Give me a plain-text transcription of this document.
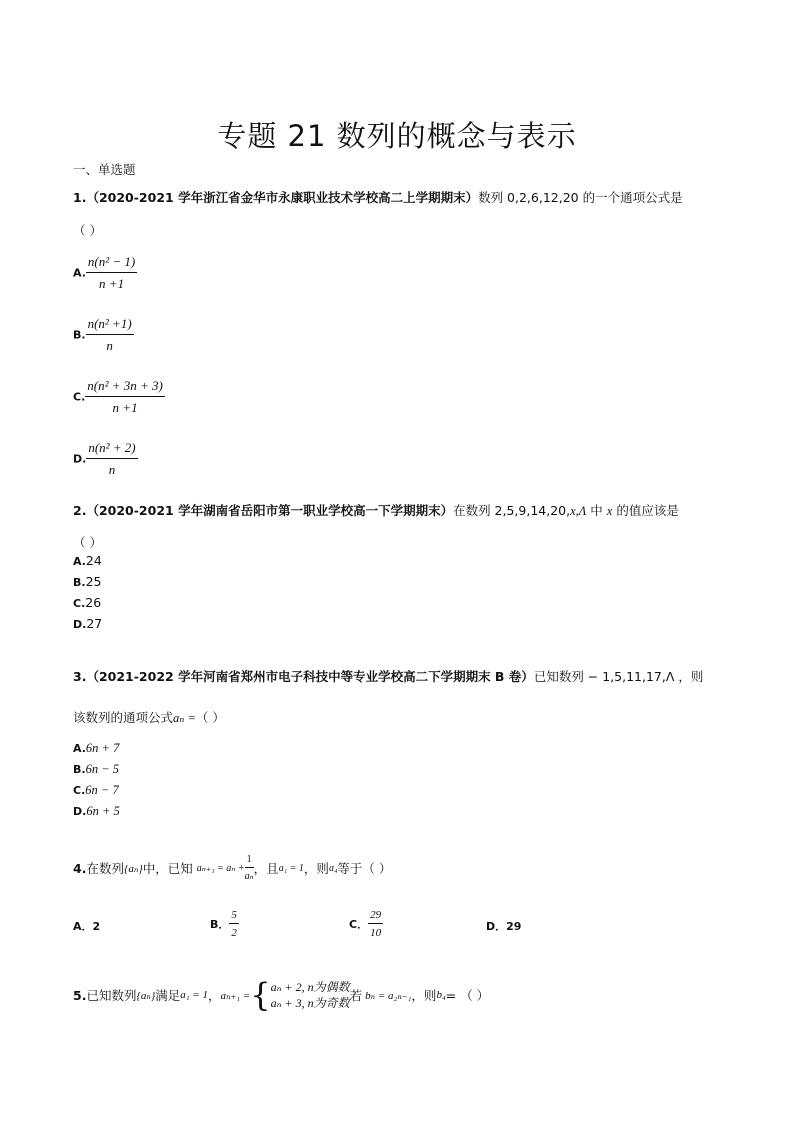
专题 21 数列的概念与表示
一、单选题
1.（2020-2021 学年浙江省金华市永康职业技术学校高二上学期期末）数列 0,2,6,12,20 的一个通项公式是
（ ）
A. $\frac{\text{n(n² − 1)}}{n +1}$
B. $\frac{\text{n(n² +1)}}{n}$
C. $\frac{\text{n(n² + 3n + 3)}}{n +1}$
D. $\frac{\text{n(n² + 2)}}{n}$
2.（2020-2021 学年湖南省岳阳市第一职业学校高一下学期期末）在数列 2,5,9,14,20,x,Λ 中 x 的值应该是
（ ）
A.24
B.25
C.26
D.27
3.（2021-2022 学年河南省郑州市电子科技中等专业学校高二下学期期末 B 卷）已知数列 − 1,5,11,17,Λ ，则
该数列的通项公式aₙ =（ ）
A.6n + 7
B.6n − 5
C.6n − 7
D.6n + 5
4. 在数列 {aₙ} 中，已知 $a_{n+1} = a_n + \frac{1}{\text{aₙ}}$ ，且 a₁ = 1 ，则 a₄ 等于（ ）
A．2	B． $\frac{5}{2}$	C． $\frac{29}{10}$	D．29
5. 已知数列 {aₙ} 满足 a₁ = 1 ， aₙ₊₁ = { aₙ + 2, n为偶数
aₙ + 3, n为奇数 若 bₙ = a₂ₙ₋₁ ，则 b₄ = （ ）
